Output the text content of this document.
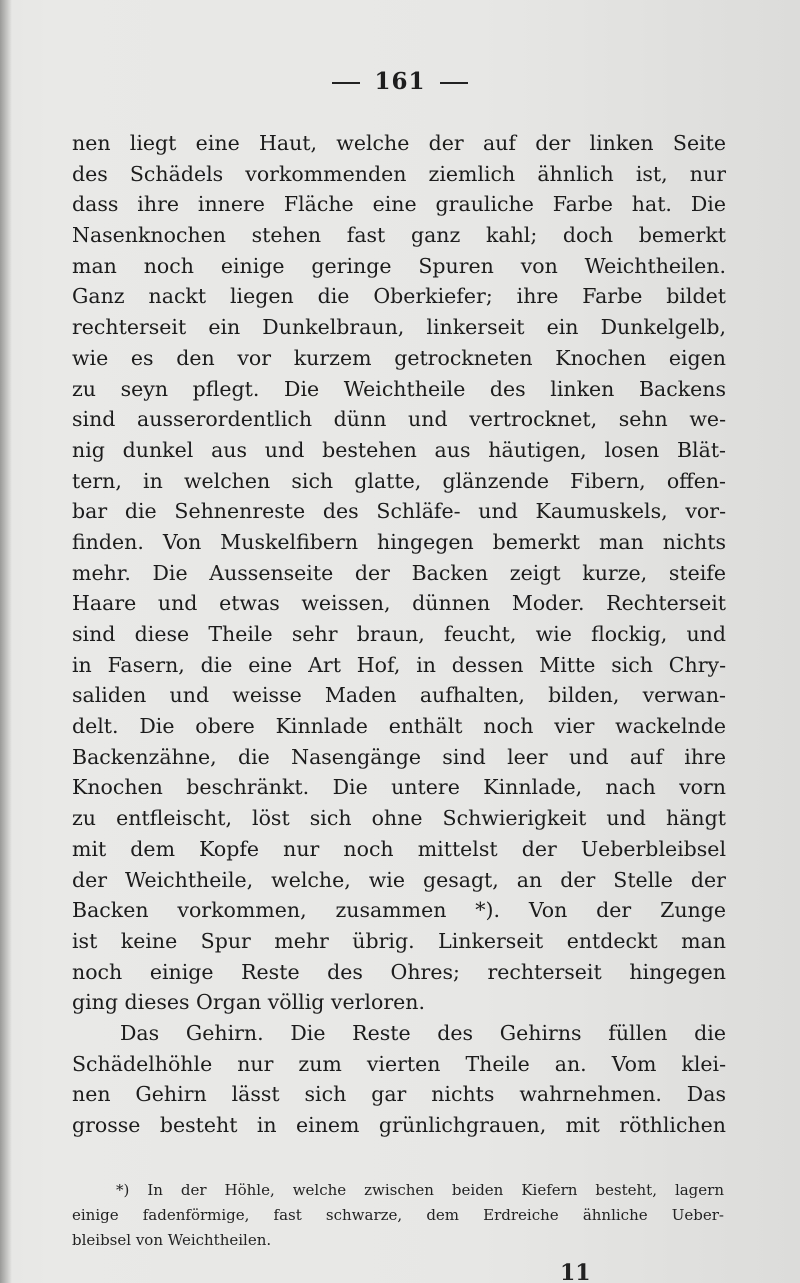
161
nen liegt eine Haut, welche der auf der linken Seite
des Schädels vorkommenden ziemlich ähnlich ist, nur
dass ihre innere Fläche eine grauliche Farbe hat. Die
Nasenknochen stehen fast ganz kahl; doch bemerkt
man noch einige geringe Spuren von Weichtheilen.
Ganz nackt liegen die Oberkiefer; ihre Farbe bildet
rechterseit ein Dunkelbraun, linkerseit ein Dunkelgelb,
wie es den vor kurzem getrockneten Knochen eigen
zu seyn pflegt. Die Weichtheile des linken Backens
sind ausserordentlich dünn und vertrocknet, sehn we-
nig dunkel aus und bestehen aus häutigen, losen Blät-
tern, in welchen sich glatte, glänzende Fibern, offen-
bar die Sehnenreste des Schläfe- und Kaumuskels, vor-
finden. Von Muskelfibern hingegen bemerkt man nichts
mehr. Die Aussenseite der Backen zeigt kurze, steife
Haare und etwas weissen, dünnen Moder. Rechterseit
sind diese Theile sehr braun, feucht, wie flockig, und
in Fasern, die eine Art Hof, in dessen Mitte sich Chry-
saliden und weisse Maden aufhalten, bilden, verwan-
delt. Die obere Kinnlade enthält noch vier wackelnde
Backenzähne, die Nasengänge sind leer und auf ihre
Knochen beschränkt. Die untere Kinnlade, nach vorn
zu entfleischt, löst sich ohne Schwierigkeit und hängt
mit dem Kopfe nur noch mittelst der Ueberbleibsel
der Weichtheile, welche, wie gesagt, an der Stelle der
Backen vorkommen, zusammen *). Von der Zunge
ist keine Spur mehr übrig. Linkerseit entdeckt man
noch einige Reste des Ohres; rechterseit hingegen
ging dieses Organ völlig verloren.
Das Gehirn. Die Reste des Gehirns füllen die
Schädelhöhle nur zum vierten Theile an. Vom klei-
nen Gehirn lässt sich gar nichts wahrnehmen. Das
grosse besteht in einem grünlichgrauen, mit röthlichen
*) In der Höhle, welche zwischen beiden Kiefern besteht, lagern
einige fadenförmige, fast schwarze, dem Erdreiche ähnliche Ueber-
bleibsel von Weichtheilen.
11
